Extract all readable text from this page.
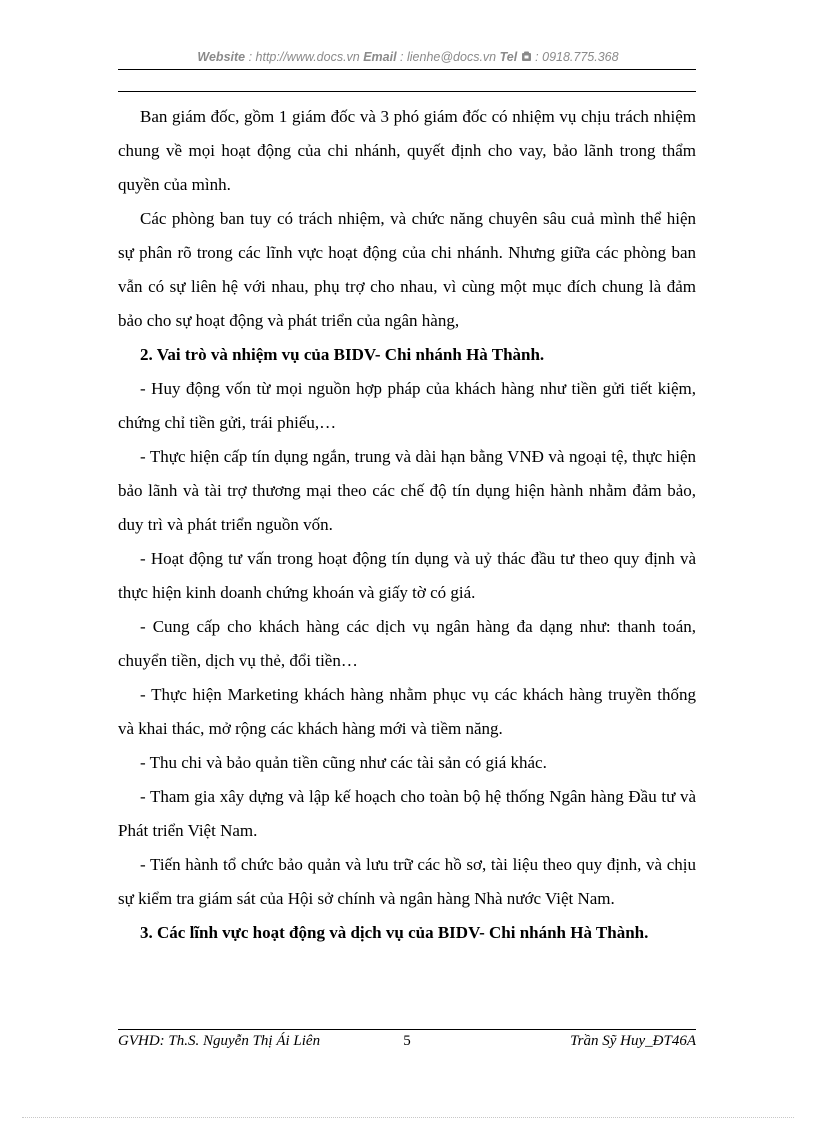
Website : http://www.docs.vn Email : lienhe@docs.vn Tel  : 0918.775.368

Ban giám đốc, gồm 1 giám đốc và 3 phó giám đốc có nhiệm vụ chịu trách nhiệm chung về mọi hoạt động của chi nhánh, quyết định cho vay, bảo lãnh trong thẩm quyền của mình.

Các phòng ban tuy có trách nhiệm, và chức năng chuyên sâu cuả mình thể hiện sự phân rõ trong các lĩnh vực hoạt động của chi nhánh. Nhưng giữa các phòng ban vẫn có sự liên hệ với nhau, phụ trợ cho nhau, vì cùng một mục đích chung là đảm bảo cho sự hoạt động và phát triển của ngân hàng,

2. Vai trò và nhiệm vụ của BIDV- Chi nhánh Hà Thành.

- Huy động vốn từ mọi nguồn hợp pháp của khách hàng như tiền gửi tiết kiệm, chứng chỉ tiền gửi, trái phiếu,…

- Thực hiện cấp tín dụng ngắn, trung và dài hạn bằng VNĐ và ngoại tệ, thực hiện bảo lãnh và tài trợ thương mại theo các chế độ tín dụng hiện hành nhằm đảm bảo, duy trì và phát triển nguồn vốn.

- Hoạt động tư vấn trong hoạt động tín dụng và uỷ thác đầu tư theo quy định và thực hiện kinh doanh chứng khoán và giấy tờ có giá.

- Cung cấp cho khách hàng các dịch vụ ngân hàng đa dạng như: thanh toán, chuyển tiền, dịch vụ thẻ, đổi tiền…

- Thực hiện Marketing khách hàng nhằm phục vụ các khách hàng truyền thống và khai thác, mở rộng các khách hàng mới và tiềm năng.

- Thu chi và bảo quản tiền cũng như các tài sản có giá khác.

- Tham gia xây dựng và lập kế hoạch cho toàn bộ hệ thống Ngân hàng Đầu tư và Phát triển Việt Nam.

- Tiến hành tổ chức bảo quản và lưu trữ các hồ sơ, tài liệu theo quy định, và chịu sự kiểm tra giám sát của Hội sở chính và ngân hàng Nhà nước Việt Nam.

3. Các lĩnh vực hoạt động và dịch vụ của BIDV- Chi nhánh Hà Thành.

GVHD: Th.S. Nguyễn Thị Ái Liên	5	Trần Sỹ Huy_ĐT46A
